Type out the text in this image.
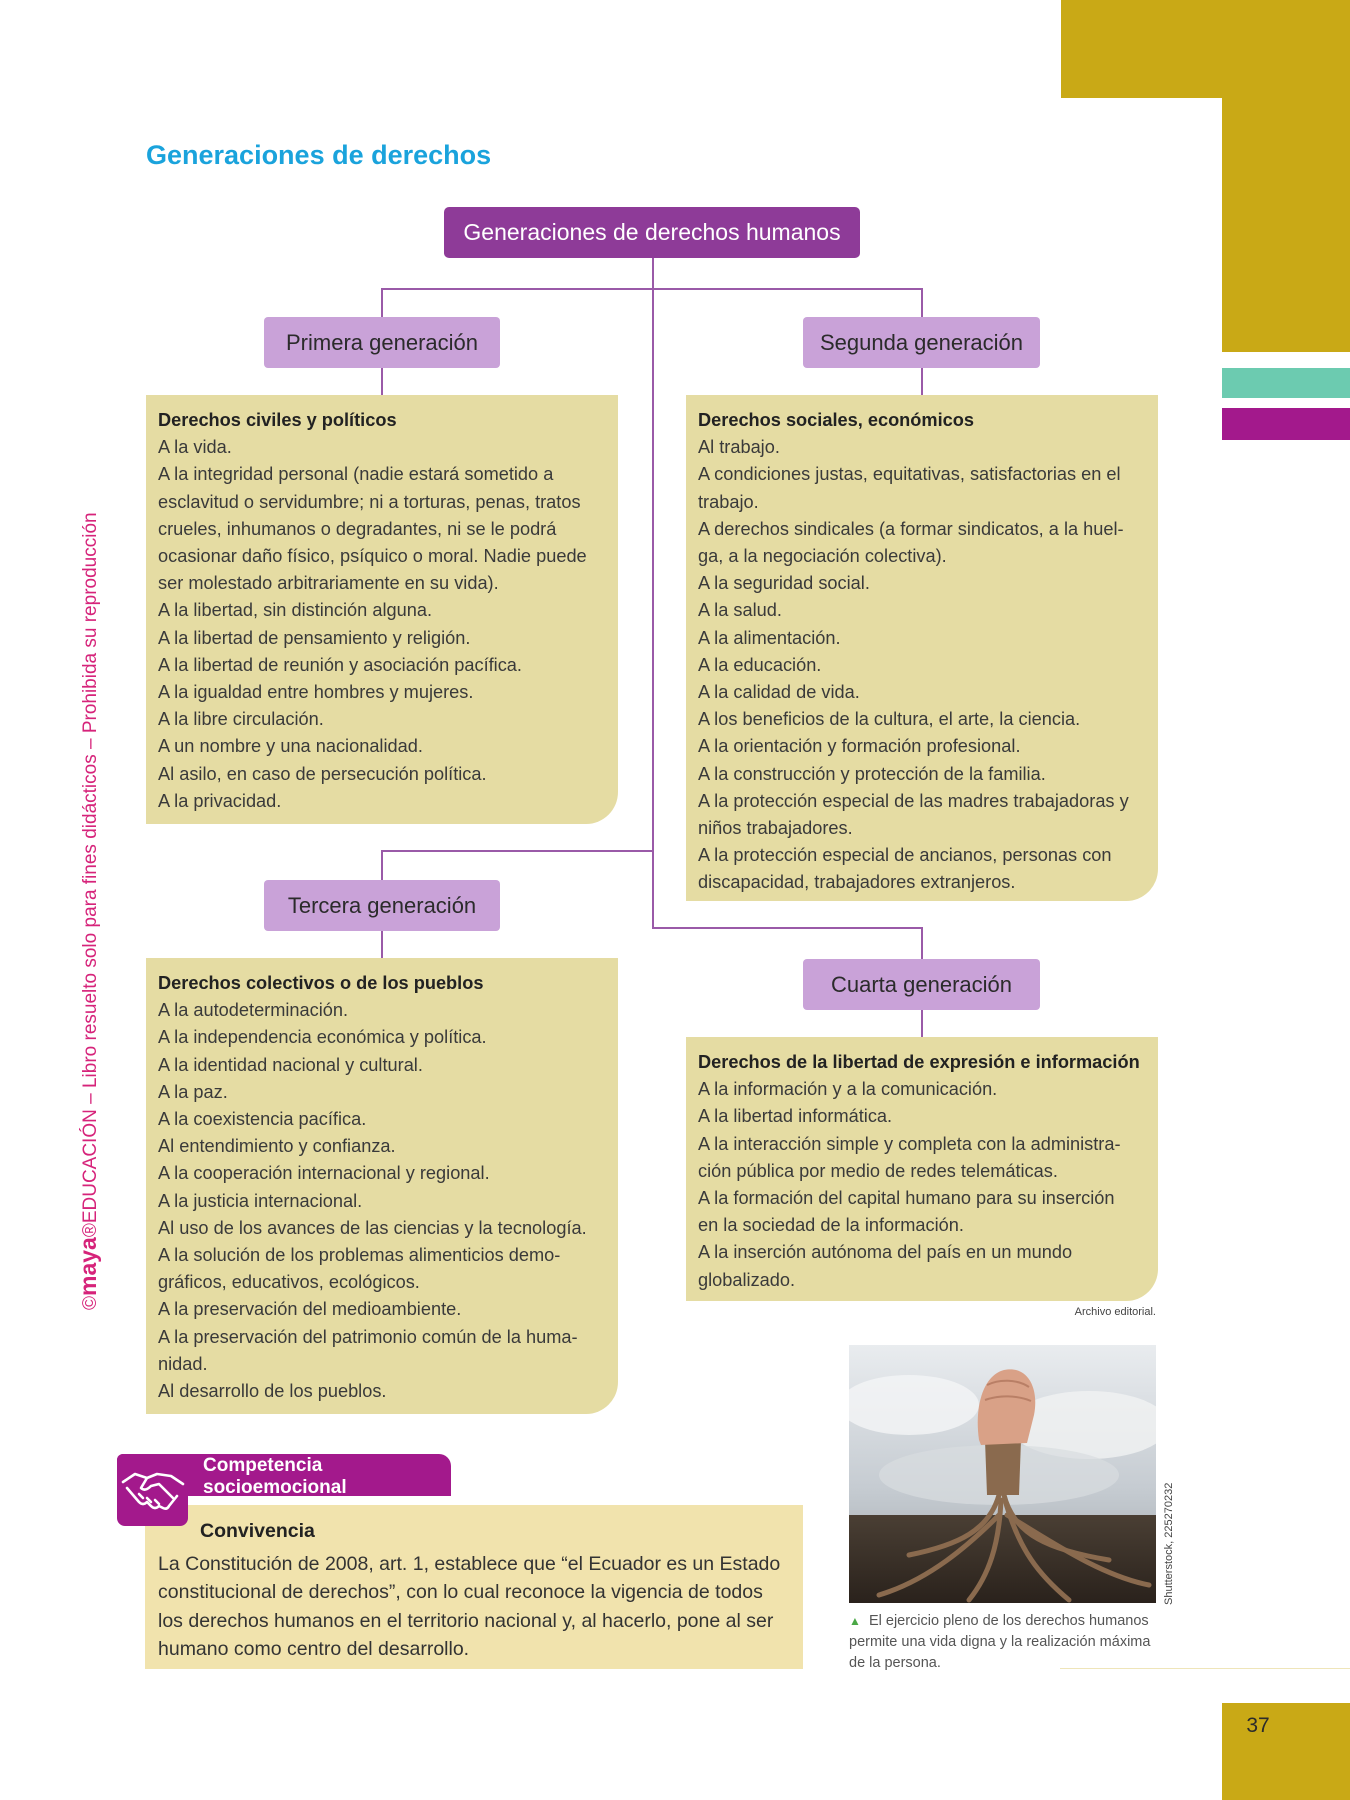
©maya®EDUCACIÓN – Libro resuelto solo para fines didácticos – Prohibida su reproducción
Generaciones de derechos
Generaciones de derechos humanos
Primera generación	Segunda generación
Tercera generación
Cuarta generación
Derechos civiles y políticos
A la vida.
A la integridad personal (nadie estará sometido a
esclavitud o servidumbre; ni a torturas, penas, tratos
crueles, inhumanos o degradantes, ni se le podrá
ocasionar daño físico, psíquico o moral. Nadie puede
ser molestado arbitrariamente en su vida).
A la libertad, sin distinción alguna.
A la libertad de pensamiento y religión.
A la libertad de reunión y asociación pacífica.
A la igualdad entre hombres y mujeres.
A la libre circulación.
A un nombre y una nacionalidad.
Al asilo, en caso de persecución política.
A la privacidad.
Derechos sociales, económicos
Al trabajo.
A condiciones justas, equitativas, satisfactorias en el
trabajo.
A derechos sindicales (a formar sindicatos, a la huel-
ga, a la negociación colectiva).
A la seguridad social.
A la salud.
A la alimentación.
A la educación.
A la calidad de vida.
A los beneficios de la cultura, el arte, la ciencia.
A la orientación y formación profesional.
A la construcción y protección de la familia.
A la protección especial de las madres trabajadoras y
niños trabajadores.
A la protección especial de ancianos, personas con
discapacidad, trabajadores extranjeros.
Derechos colectivos o de los pueblos
A la autodeterminación.
A la independencia económica y política.
A la identidad nacional y cultural.
A la paz.
A la coexistencia pacífica.
Al entendimiento y confianza.
A la cooperación internacional y regional.
A la justicia internacional.
Al uso de los avances de las ciencias y la tecnología.
A la solución de los problemas alimenticios demo-
gráficos, educativos, ecológicos.
A la preservación del medioambiente.
A la preservación del patrimonio común de la huma-
nidad.
Al desarrollo de los pueblos.
Derechos de la libertad de expresión e información
A la información y a la comunicación.
A la libertad informática.
A la interacción simple y completa con la administra-
ción pública por medio de redes telemáticas.
A la formación del capital humano para su inserción
en la sociedad de la información.
A la inserción autónoma del país en un mundo
globalizado.
Archivo editorial.
Competencia
socioemocional
Convivencia
La Constitución de 2008, art. 1, establece que “el Ecuador es un Estado
constitucional de derechos”, con lo cual reconoce la vigencia de todos
los derechos humanos en el territorio nacional y, al hacerlo, pone al ser
humano como centro del desarrollo.
Shutterstock, 225270232
▲ El ejercicio pleno de los derechos humanos
permite una vida digna y la realización máxima
de la persona.
37
